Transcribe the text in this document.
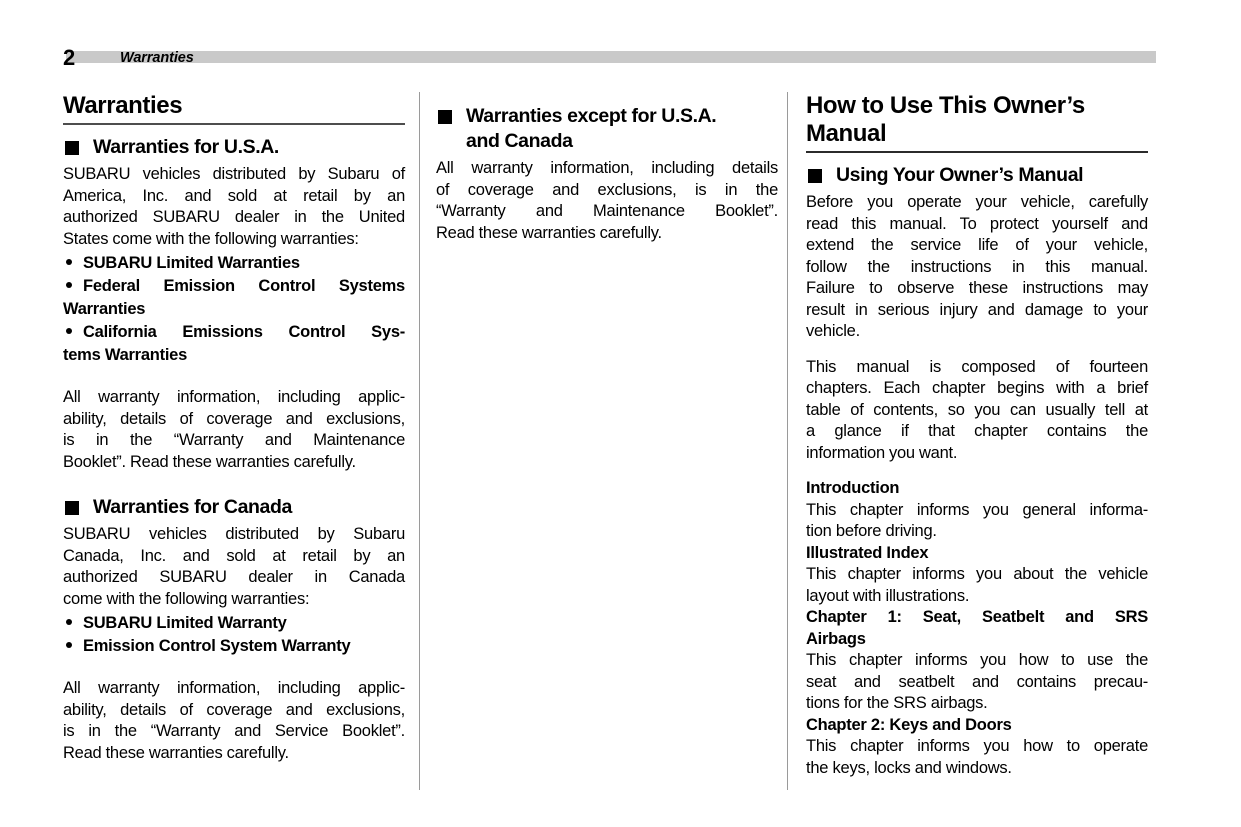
2	Warranties
Warranties
Warranties for U.S.A.

SUBARU vehicles distributed by Subaru of
America, Inc. and sold at retail by an
authorized SUBARU dealer in the United
States come with the following warranties:

SUBARU Limited Warranties
Federal Emission Control Systems
Warranties
California Emissions Control Sys-
tems Warranties

All warranty information, including applic-
ability, details of coverage and exclusions,
is in the “Warranty and Maintenance
Booklet”. Read these warranties carefully.

Warranties for Canada

SUBARU vehicles distributed by Subaru
Canada, Inc. and sold at retail by an
authorized SUBARU dealer in Canada
come with the following warranties:

SUBARU Limited Warranty
Emission Control System Warranty

All warranty information, including applic-
ability, details of coverage and exclusions,
is in the “Warranty and Service Booklet”.
Read these warranties carefully.

Warranties except for U.S.A.
and Canada

All warranty information, including details
of coverage and exclusions, is in the
“Warranty and Maintenance Booklet”.
Read these warranties carefully.

How to Use This Owner’s
Manual
Using Your Owner’s Manual

Before you operate your vehicle, carefully
read this manual. To protect yourself and
extend the service life of your vehicle,
follow the instructions in this manual.
Failure to observe these instructions may
result in serious injury and damage to your
vehicle.

This manual is composed of fourteen
chapters. Each chapter begins with a brief
table of contents, so you can usually tell at
a glance if that chapter contains the
information you want.

Introduction
This chapter informs you general informa-
tion before driving.
Illustrated Index
This chapter informs you about the vehicle
layout with illustrations.
Chapter 1: Seat, Seatbelt and SRS
Airbags
This chapter informs you how to use the
seat and seatbelt and contains precau-
tions for the SRS airbags.
Chapter 2: Keys and Doors
This chapter informs you how to operate
the keys, locks and windows.
